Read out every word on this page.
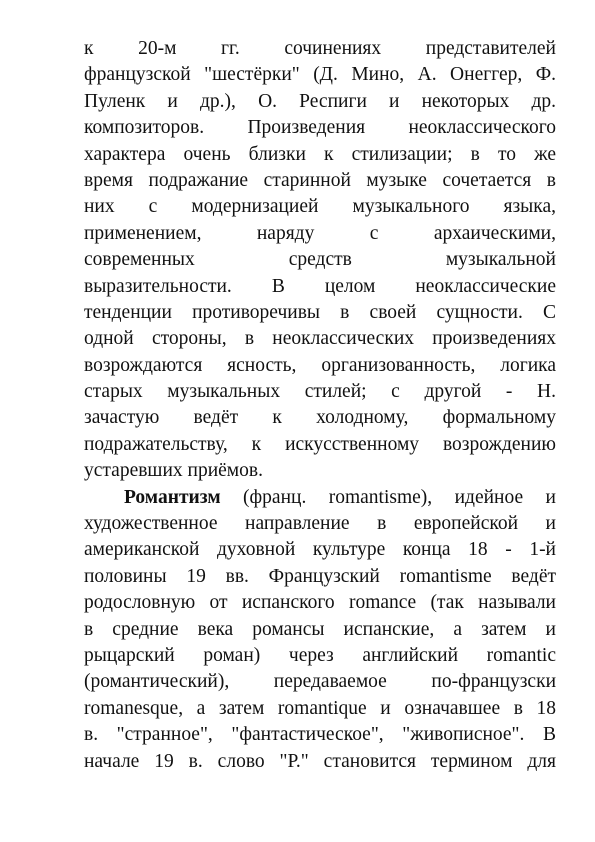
к 20-м гг. сочинениях представителей
французской "шестёрки" (Д. Мино, А. Онеггер, Ф.
Пуленк и др.), О. Респиги и некоторых др.
композиторов. Произведения неоклассического
характера очень близки к стилизации; в то же
время подражание старинной музыке сочетается в
них с модернизацией музыкального языка,
применением, наряду с архаическими,
современных средств музыкальной
выразительности. В целом неоклассические
тенденции противоречивы в своей сущности. С
одной стороны, в неоклассических произведениях
возрождаются ясность, организованность, логика
старых музыкальных стилей; с другой - Н.
зачастую ведёт к холодному, формальному
подражательству, к искусственному возрождению
устаревших приёмов.
Романтизм (франц. romantisme), идейное и
художественное направление в европейской и
американской духовной культуре конца 18 - 1-й
половины 19 вв. Французский romantisme ведёт
родословную от испанского romance (так называли
в средние века романсы испанские, а затем и
рыцарский роман) через английский romantic
(романтический), передаваемое по-французски
romanesque, а затем romantique и означавшее в 18
в. "странное", "фантастическое", "живописное". В
начале 19 в. слово "Р." становится термином для
